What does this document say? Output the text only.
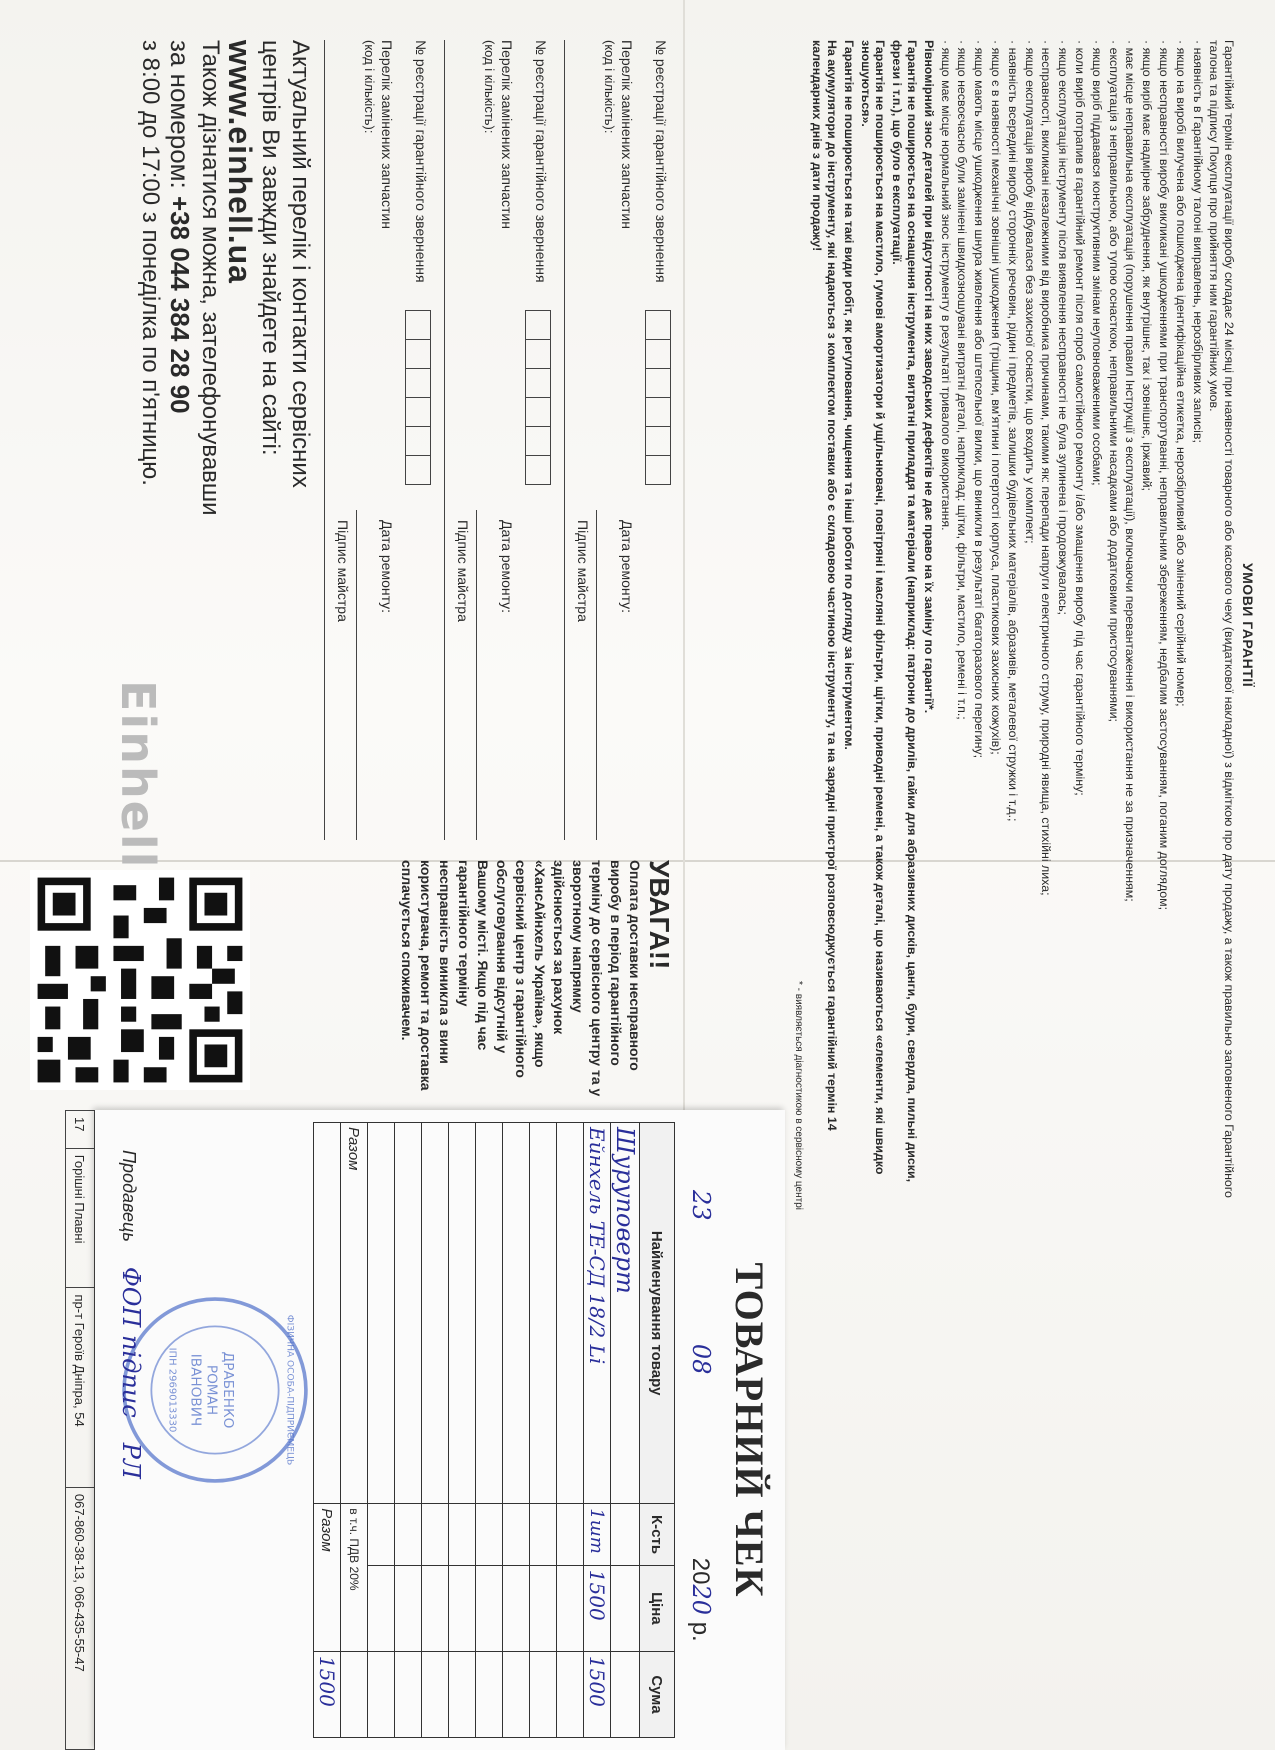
УМОВИ ГАРАНТІЇ

Гарантійний термін експлуатації виробу складає 24 місяці при наявності товарного або касового чеку (видаткової накладної) з відміткою про дату продажу, а також правильно заповненого Гарантійного талона та підпису Покупця про прийняття ним гарантійних умов.

· наявність в Гарантійному талоні виправлень, нерозбірливих записів;

· якщо на виробі вилучена або пошкоджена ідентифікаційна етикетка, нерозбірливий або змінений серійний номер;

· якщо несправності виробу викликані ушкодженнями при транспортуванні, неправильним збереженням, недбалим застосуванням, поганим доглядом;

· якщо виріб має надмірне забруднення, як внутрішнє, так і зовнішнє, іржавий;

· має місце неправильна експлуатація (порушення правил Інструкції з експлуатації), включаючи перевантаження і використання не за призначенням;

· експлуатація з неправильною, або тупою оснасткою, неправильними насадками або додатковими пристосуваннями;

· якщо виріб піддавався конструктивним змінам неуповноваженими особами;

· коли виріб потрапив в гарантійний ремонт після спроб самостійного ремонту і/або змащення виробу під час гарантійного терміну;

· якщо експлуатація інструменту після виявлення несправності не була зупинена і продовжувалась;

· несправності, викликані незалежними від виробника причинами, такими як: перепади напруги електричного струму, природні явища, стихійні лиха;

· якщо експлуатація виробу відбувалася без захисної оснастки, що входить у комплект;

· наявність всередині виробу сторонніх речовин, рідин і предметів, залишки будівельних матеріалів, абразивів, металевої стружки і т.д.;

· якщо є в наявності механічні зовнішні ушкодження (тріщини, вм'ятини і потертості корпуса, пластикових захисних кожухів);

· якщо мають місце ушкодження шнура живлення або штепсельної вилки, що виникли в результаті багаторазового перегину;

· якщо несвоєчасно були замінені швидкозношувані витратні деталі, наприклад: щітки, фільтри, мастило, ремені і т.п.;

· якщо має місце нормальний знос інструменту в результаті тривалого використання.

Рівномірний знос деталей при відсутності на них заводських дефектів не дає право на їх заміну по гарантії*.

Гарантія не поширюється на оснащення інструмента, витратні приладдя та матеріали (наприклад: патрони до дрилів, гайки для абразивних дисків, цанги, бури, свердла, пильні диски, фрези і т.п.), що було в експлуатації.

Гарантія не поширюється на мастило, гумові амортизатори й ущільнювачі, повітряні і масляні фільтри, щітки, приводні ремені, а також деталі, що називаються «елементи, які швидко зношуються».

Гарантія не поширюється на такі види робіт, як регулювання, чищення та інші роботи по догляду за інструментом.

На акумулятори до інструменту, які надаються з комплектом поставки або є складовою частиною інструменту, та на зарядні пристрої розповсюджується гарантійний термін 14 календарних днів з дати продажу!

* - виявляється діагностикою в сервісному центрі
УВАГА!!
Оплата доставки несправного виробу в період гарантійного терміну до сервісного центру та у зворотному напрямку здійснюється за рахунок «ХансАйнхель Україна», якщо сервісний центр з гарантійного обслуговування відсутній у Вашому місті. Якщо під час гарантійного терміну несправність виникла з вини користувача, ремонт та доставка сплачується споживачем.
Актуальний перелік і контакти сервісних
центрів Ви завжди знайдете на сайті:
www.einhell.ua
Також дізнатися можна, зателефонувавши
за номером: +38 044 384 28 90
з 8:00 до 17:00 з понеділка по п'ятницю.
Einhell
№ реєстрації гарантійного звернення
Перелік замінених запчастин
(код і кількість):
Дата ремонту:
Підпис майстра
№ реєстрації гарантійного звернення
Перелік замінених запчастин
(код і кількість):
Дата ремонту:
Підпис майстра
№ реєстрації гарантійного звернення
Перелік замінених запчастин
(код і кількість):
Дата ремонту:
Підпис майстра
17	Горішні Плавні	пр-т Героїв Дніпра, 54	067-860-38-13, 066-435-55-47	ТОВАРНИЙ ЧЕК
23  08  2020 р.
Найменування товару	К-сть	Ціна	Сума
Шуруповерт			
Ейнхель ТЕ-СД 18/2 Li	1шт	1500	1500

Разом	в т.ч. ПДВ 20%		
	Разом		1500
ДРАБЕНКО
РОМАН
ІВАНОВИЧ
ІПН 2969013330	ФІЗИЧНА ОСОБА-ПІДПРИЄМЕЦЬ
Продавець ФОП підпис РЛ
